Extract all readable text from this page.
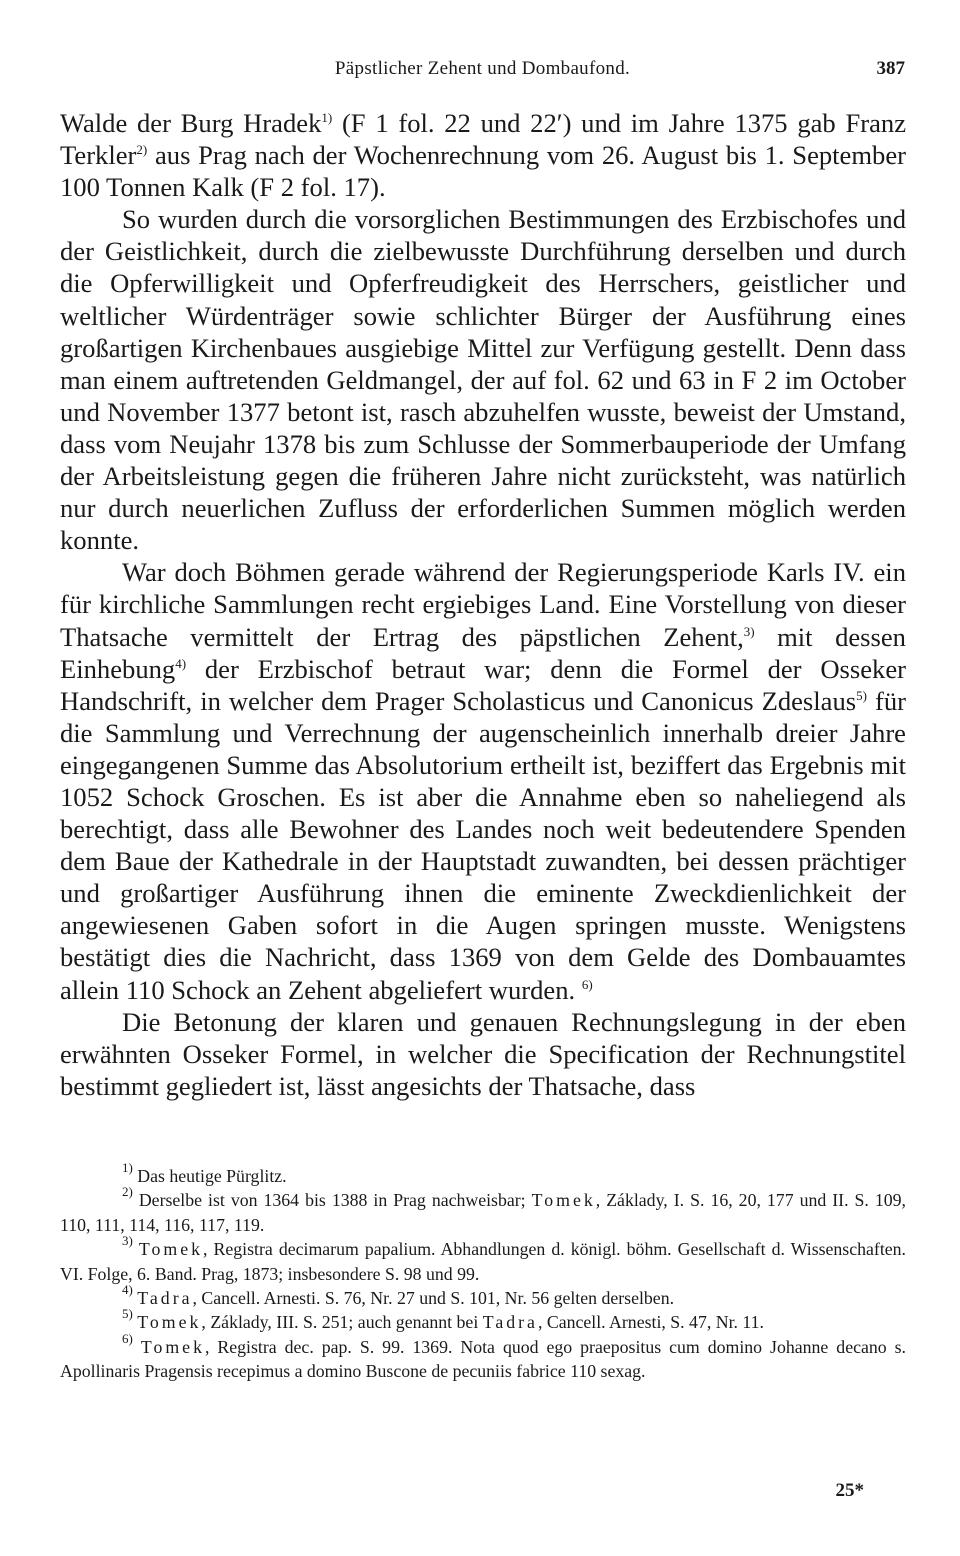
Päpstlicher Zehent und Dombaufond.	387

Walde der Burg Hradek$^{1)}$ (F 1 fol. 22 und 22′) und im Jahre 1375 gab Franz Terkler$^{2)}$ aus Prag nach der Wochenrechnung vom 26. August bis 1. September 100 Tonnen Kalk (F 2 fol. 17).

So wurden durch die vorsorglichen Bestimmungen des Erzbischofes und der Geistlichkeit, durch die zielbewusste Durchführung derselben und durch die Opferwilligkeit und Opferfreudigkeit des Herrschers, geistlicher und weltlicher Würdenträger sowie schlichter Bürger der Ausführung eines großartigen Kirchenbaues ausgiebige Mittel zur Verfügung gestellt. Denn dass man einem auftretenden Geldmangel, der auf fol. 62 und 63 in F 2 im October und November 1377 betont ist, rasch abzuhelfen wusste, beweist der Umstand, dass vom Neujahr 1378 bis zum Schlusse der Sommerbauperiode der Umfang der Arbeitsleistung gegen die früheren Jahre nicht zurücksteht, was natürlich nur durch neuerlichen Zufluss der erforderlichen Summen möglich werden konnte.

War doch Böhmen gerade während der Regierungsperiode Karls IV. ein für kirchliche Sammlungen recht ergiebiges Land. Eine Vorstellung von dieser Thatsache vermittelt der Ertrag des päpstlichen Zehent,$^{3)}$ mit dessen Einhebung$^{4)}$ der Erzbischof betraut war; denn die Formel der Osseker Handschrift, in welcher dem Prager Scholasticus und Canonicus Zdeslaus$^{5)}$ für die Sammlung und Verrechnung der augenscheinlich innerhalb dreier Jahre eingegangenen Summe das Absolutorium ertheilt ist, beziffert das Ergebnis mit 1052 Schock Groschen. Es ist aber die Annahme eben so naheliegend als berechtigt, dass alle Bewohner des Landes noch weit bedeutendere Spenden dem Baue der Kathedrale in der Hauptstadt zuwandten, bei dessen prächtiger und großartiger Ausführung ihnen die eminente Zweckdienlichkeit der angewiesenen Gaben sofort in die Augen springen musste. Wenigstens bestätigt dies die Nachricht, dass 1369 von dem Gelde des Dombauamtes allein 110 Schock an Zehent abgeliefert wurden. $^{6)}$

Die Betonung der klaren und genauen Rechnungslegung in der eben erwähnten Osseker Formel, in welcher die Specification der Rechnungstitel bestimmt gegliedert ist, lässt angesichts der Thatsache, dass

$^{1)}$ Das heutige Pürglitz.

$^{2)}$ Derselbe ist von 1364 bis 1388 in Prag nachweisbar; Tomek, Základy, I. S. 16, 20, 177 und II. S. 109, 110, 111, 114, 116, 117, 119.

$^{3)}$ Tomek, Registra decimarum papalium. Abhandlungen d. königl. böhm. Gesellschaft d. Wissenschaften. VI. Folge, 6. Band. Prag, 1873; insbesondere S. 98 und 99.

$^{4)}$ Tadra, Cancell. Arnesti. S. 76, Nr. 27 und S. 101, Nr. 56 gelten derselben.

$^{5)}$ Tomek, Základy, III. S. 251; auch genannt bei Tadra, Cancell. Arnesti, S. 47, Nr. 11.

$^{6)}$ Tomek, Registra dec. pap. S. 99. 1369. Nota quod ego praepositus cum domino Johanne decano s. Apollinaris Pragensis recepimus a domino Buscone de pecuniis fabrice 110 sexag.

25*
